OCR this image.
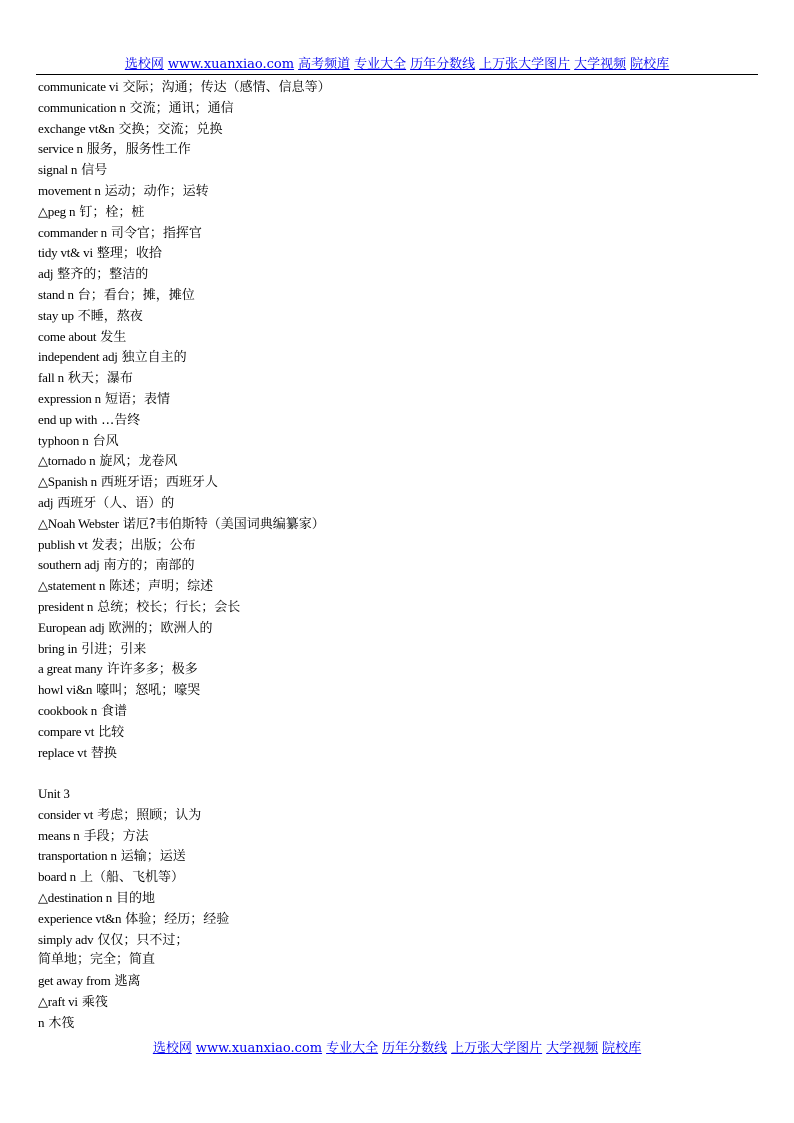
选校网 www.xuanxiao.com 高考频道 专业大全 历年分数线 上万张大学图片 大学视频 院校库
communicate vi 交际；沟通；传达（感情、信息等）
communication n 交流；通讯；通信
exchange vt&n 交换；交流；兑换
service n 服务，服务性工作
signal n 信号
movement n 运动；动作；运转
△peg n 钉；栓；桩
commander n 司令官；指挥官
tidy vt& vi 整理；收拾
adj 整齐的；整洁的
stand n 台；看台；摊，摊位
stay up 不睡，熬夜
come about 发生
independent adj 独立自主的
fall n 秋天；瀑布
expression n 短语；表情
end up with …告终
typhoon n 台风
△tornado n 旋风；龙卷风
△Spanish n 西班牙语；西班牙人
adj 西班牙（人、语）的
△Noah Webster 诺厄?韦伯斯特（美国词典编纂家）
publish vt 发表；出版；公布
southern adj 南方的；南部的
△statement n 陈述；声明；综述
president n 总统；校长；行长；会长
European adj 欧洲的；欧洲人的
bring in 引进；引来
a great many 许许多多；极多
howl vi&n 嚎叫；怒吼；嚎哭
cookbook n 食谱
compare vt 比较
replace vt 替换
Unit 3
consider vt 考虑；照顾；认为
means n 手段；方法
transportation n 运输；运送
board n 上（船、飞机等）
△destination n 目的地
experience vt&n 体验；经历；经验
simply adv 仅仅；只不过；
简单地；完全；简直
get away from 逃离
△raft vi 乘筏
n 木筏
选校网 www.xuanxiao.com 专业大全 历年分数线 上万张大学图片 大学视频 院校库
